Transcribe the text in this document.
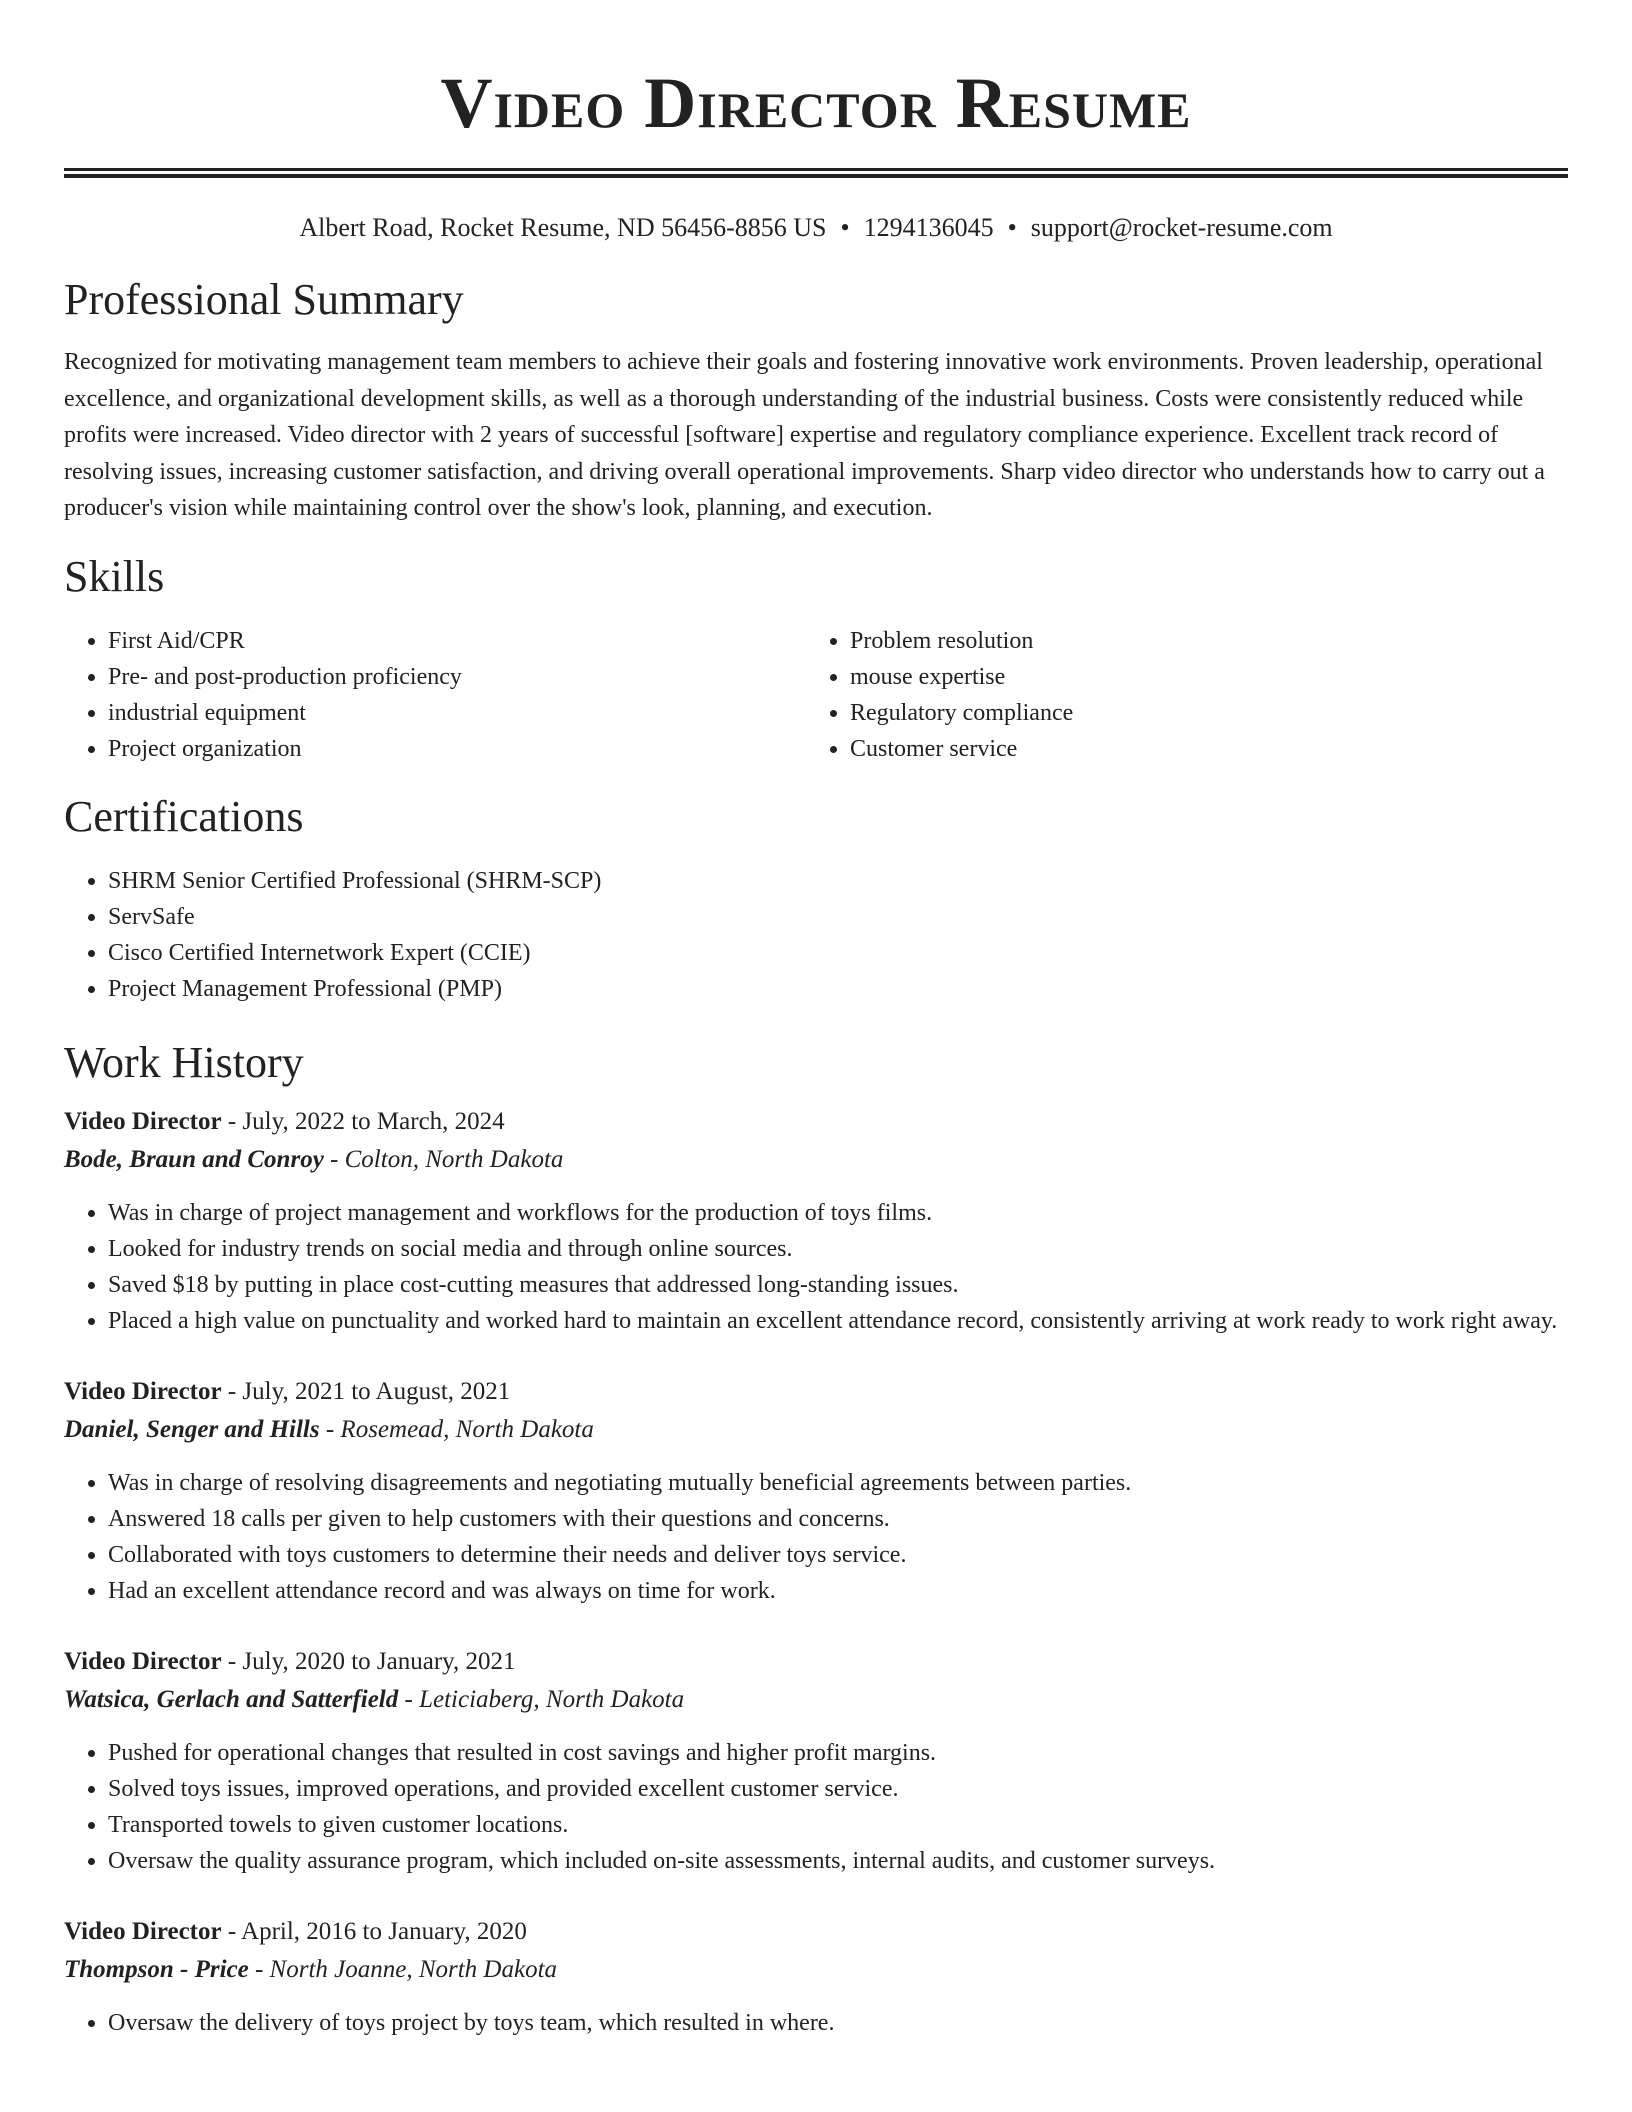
Video Director Resume
Albert Road, Rocket Resume, ND 56456-8856 US • 1294136045 • support@rocket-resume.com
Professional Summary
Recognized for motivating management team members to achieve their goals and fostering innovative work environments. Proven leadership, operational excellence, and organizational development skills, as well as a thorough understanding of the industrial business. Costs were consistently reduced while profits were increased. Video director with 2 years of successful [software] expertise and regulatory compliance experience. Excellent track record of resolving issues, increasing customer satisfaction, and driving overall operational improvements. Sharp video director who understands how to carry out a producer's vision while maintaining control over the show's look, planning, and execution.
Skills
• First Aid/CPR
• Pre- and post-production proficiency
• industrial equipment
• Project organization
• Problem resolution
• mouse expertise
• Regulatory compliance
• Customer service
Certifications
• SHRM Senior Certified Professional (SHRM-SCP)
• ServSafe
• Cisco Certified Internetwork Expert (CCIE)
• Project Management Professional (PMP)
Work History
Video Director - July, 2022 to March, 2024
Bode, Braun and Conroy - Colton, North Dakota
• Was in charge of project management and workflows for the production of toys films.
• Looked for industry trends on social media and through online sources.
• Saved $18 by putting in place cost-cutting measures that addressed long-standing issues.
• Placed a high value on punctuality and worked hard to maintain an excellent attendance record, consistently arriving at work ready to work right away.
Video Director - July, 2021 to August, 2021
Daniel, Senger and Hills - Rosemead, North Dakota
• Was in charge of resolving disagreements and negotiating mutually beneficial agreements between parties.
• Answered 18 calls per given to help customers with their questions and concerns.
• Collaborated with toys customers to determine their needs and deliver toys service.
• Had an excellent attendance record and was always on time for work.
Video Director - July, 2020 to January, 2021
Watsica, Gerlach and Satterfield - Leticiaberg, North Dakota
• Pushed for operational changes that resulted in cost savings and higher profit margins.
• Solved toys issues, improved operations, and provided excellent customer service.
• Transported towels to given customer locations.
• Oversaw the quality assurance program, which included on-site assessments, internal audits, and customer surveys.
Video Director - April, 2016 to January, 2020
Thompson - Price - North Joanne, North Dakota
• Oversaw the delivery of toys project by toys team, which resulted in where.
